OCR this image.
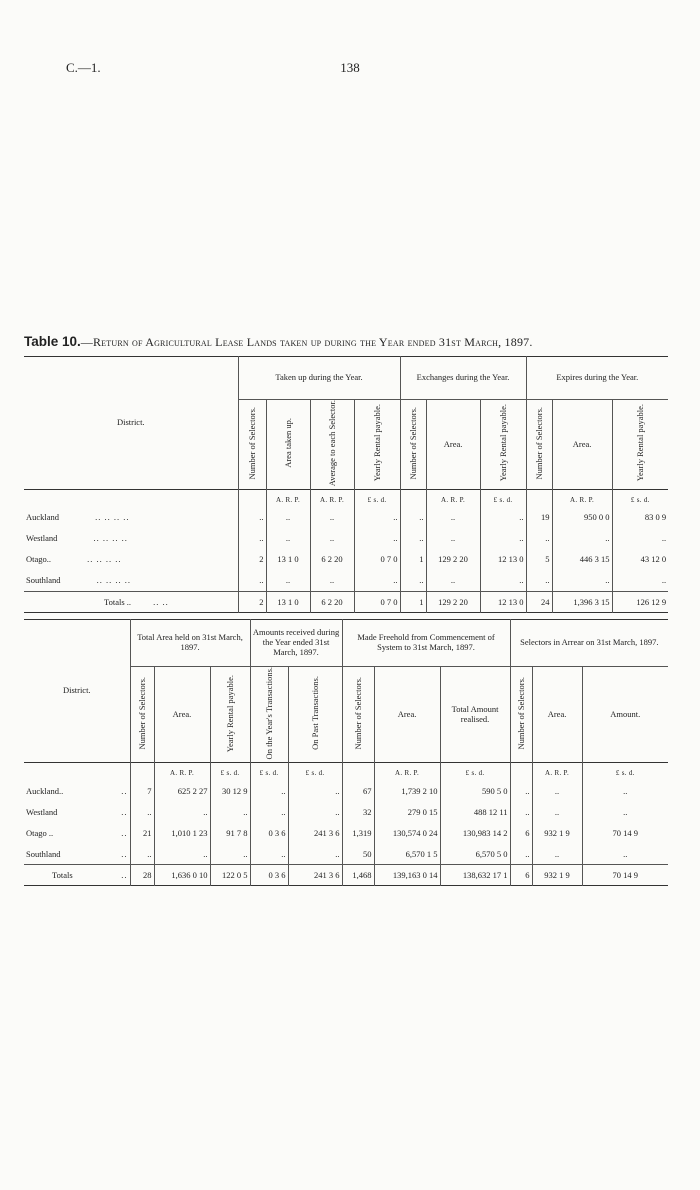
C.—1.	138
Table 10.—Return of Agricultural Lease Lands taken up during the Year ended 31st March, 1897.
District.	Taken up during the Year.				Exchanges during the Year.			Expires during the Year.		
	Number of Selectors.	Area taken up.	Average to each Selector.	Yearly Rental payable.	Number of Selectors.	Area.	Yearly Rental payable.	Number of Selectors.	Area.	Yearly Rental payable.
		A. R. P.	A. R. P.	£ s. d.		A. R. P.	£ s. d.		A. R. P.	£ s. d.
Auckland .. .. .. ..	..	..	..	..	..	..	..	19	950 0 0	83 0 9
Westland .. .. .. ..	..	..	..	..	..	..	..	..	..	..
Otago.. .. .. .. ..	2	13 1 0	6 2 20	0 7 0	1	129 2 20	12 13 0	5	446 3 15	43 12 0
Southland .. .. .. ..	..	..	..	..	..	..	..	..	..	..
Totals .. .. ..	2	13 1 0	6 2 20	0 7 0	1	129 2 20	12 13 0	24	1,396 3 15	126 12 9
District.	Total Area held on 31st March, 1897.			Amounts received during the Year ended 31st March, 1897.		Made Freehold from Commencement of System to 31st March, 1897.			Selectors in Arrear on 31st March, 1897.		
	Number of Selectors.	Area.	Yearly Rental payable.	On the Year's Transactions.	On Past Transactions.	Number of Selectors.	Area.	Total Amount realised.	Number of Selectors.	Area.	Amount.
		A. R. P.	£ s. d.	£ s. d.	£ s. d.		A. R. P.	£ s. d.		A. R. P.	£ s. d.
Auckland.. ..	7	625 2 27	30 12 9	..	..	67	1,739 2 10	590 5 0	..	..	..
Westland ..	..	..	..	..	..	32	279 0 15	488 12 11	..	..	..
Otago .. ..	21	1,010 1 23	91 7 8	0 3 6	241 3 6	1,319	130,574 0 24	130,983 14 2	6	932 1 9	70 14 9
Southland ..	..	..	..	..	..	50	6,570 1 5	6,570 5 0	..	..	..
Totals ..	28	1,636 0 10	122 0 5	0 3 6	241 3 6	1,468	139,163 0 14	138,632 17 1	6	932 1 9	70 14 9
